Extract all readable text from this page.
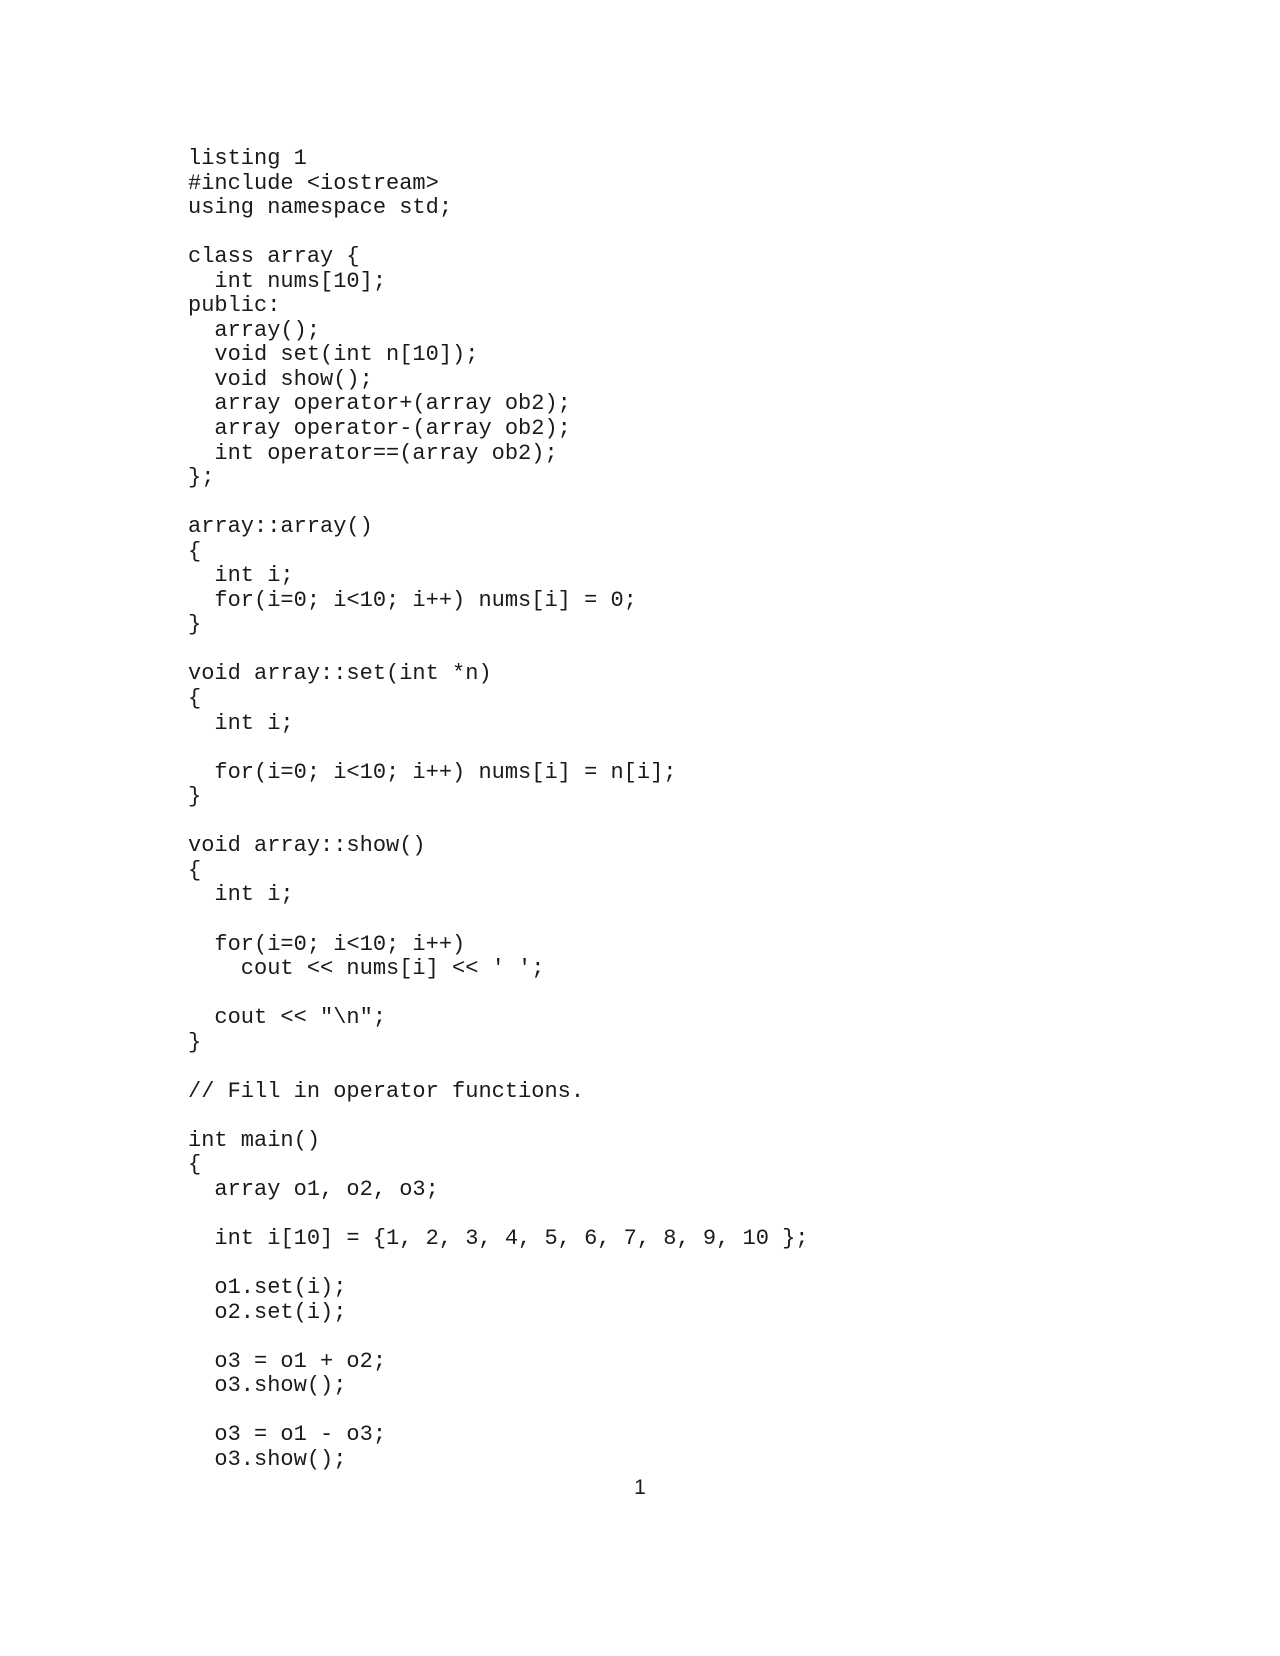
listing 1
#include <iostream>
using namespace std;
class array {
int nums[10];
public:
array();
void set(int n[10]);
void show();
array operator+(array ob2);
array operator-(array ob2);
int operator==(array ob2);
};
array::array()
{
int i;
for(i=0; i<10; i++) nums[i] = 0;
}
void array::set(int *n)
{
int i;
for(i=0; i<10; i++) nums[i] = n[i];
}
void array::show()
{
int i;
for(i=0; i<10; i++)
cout << nums[i] << ' ';
cout << "\n";
}
// Fill in operator functions.
int main()
{
array o1, o2, o3;
int i[10] = {1, 2, 3, 4, 5, 6, 7, 8, 9, 10 };
o1.set(i);
o2.set(i);
o3 = o1 + o2;
o3.show();
o3 = o1 - o3;
o3.show();
1
